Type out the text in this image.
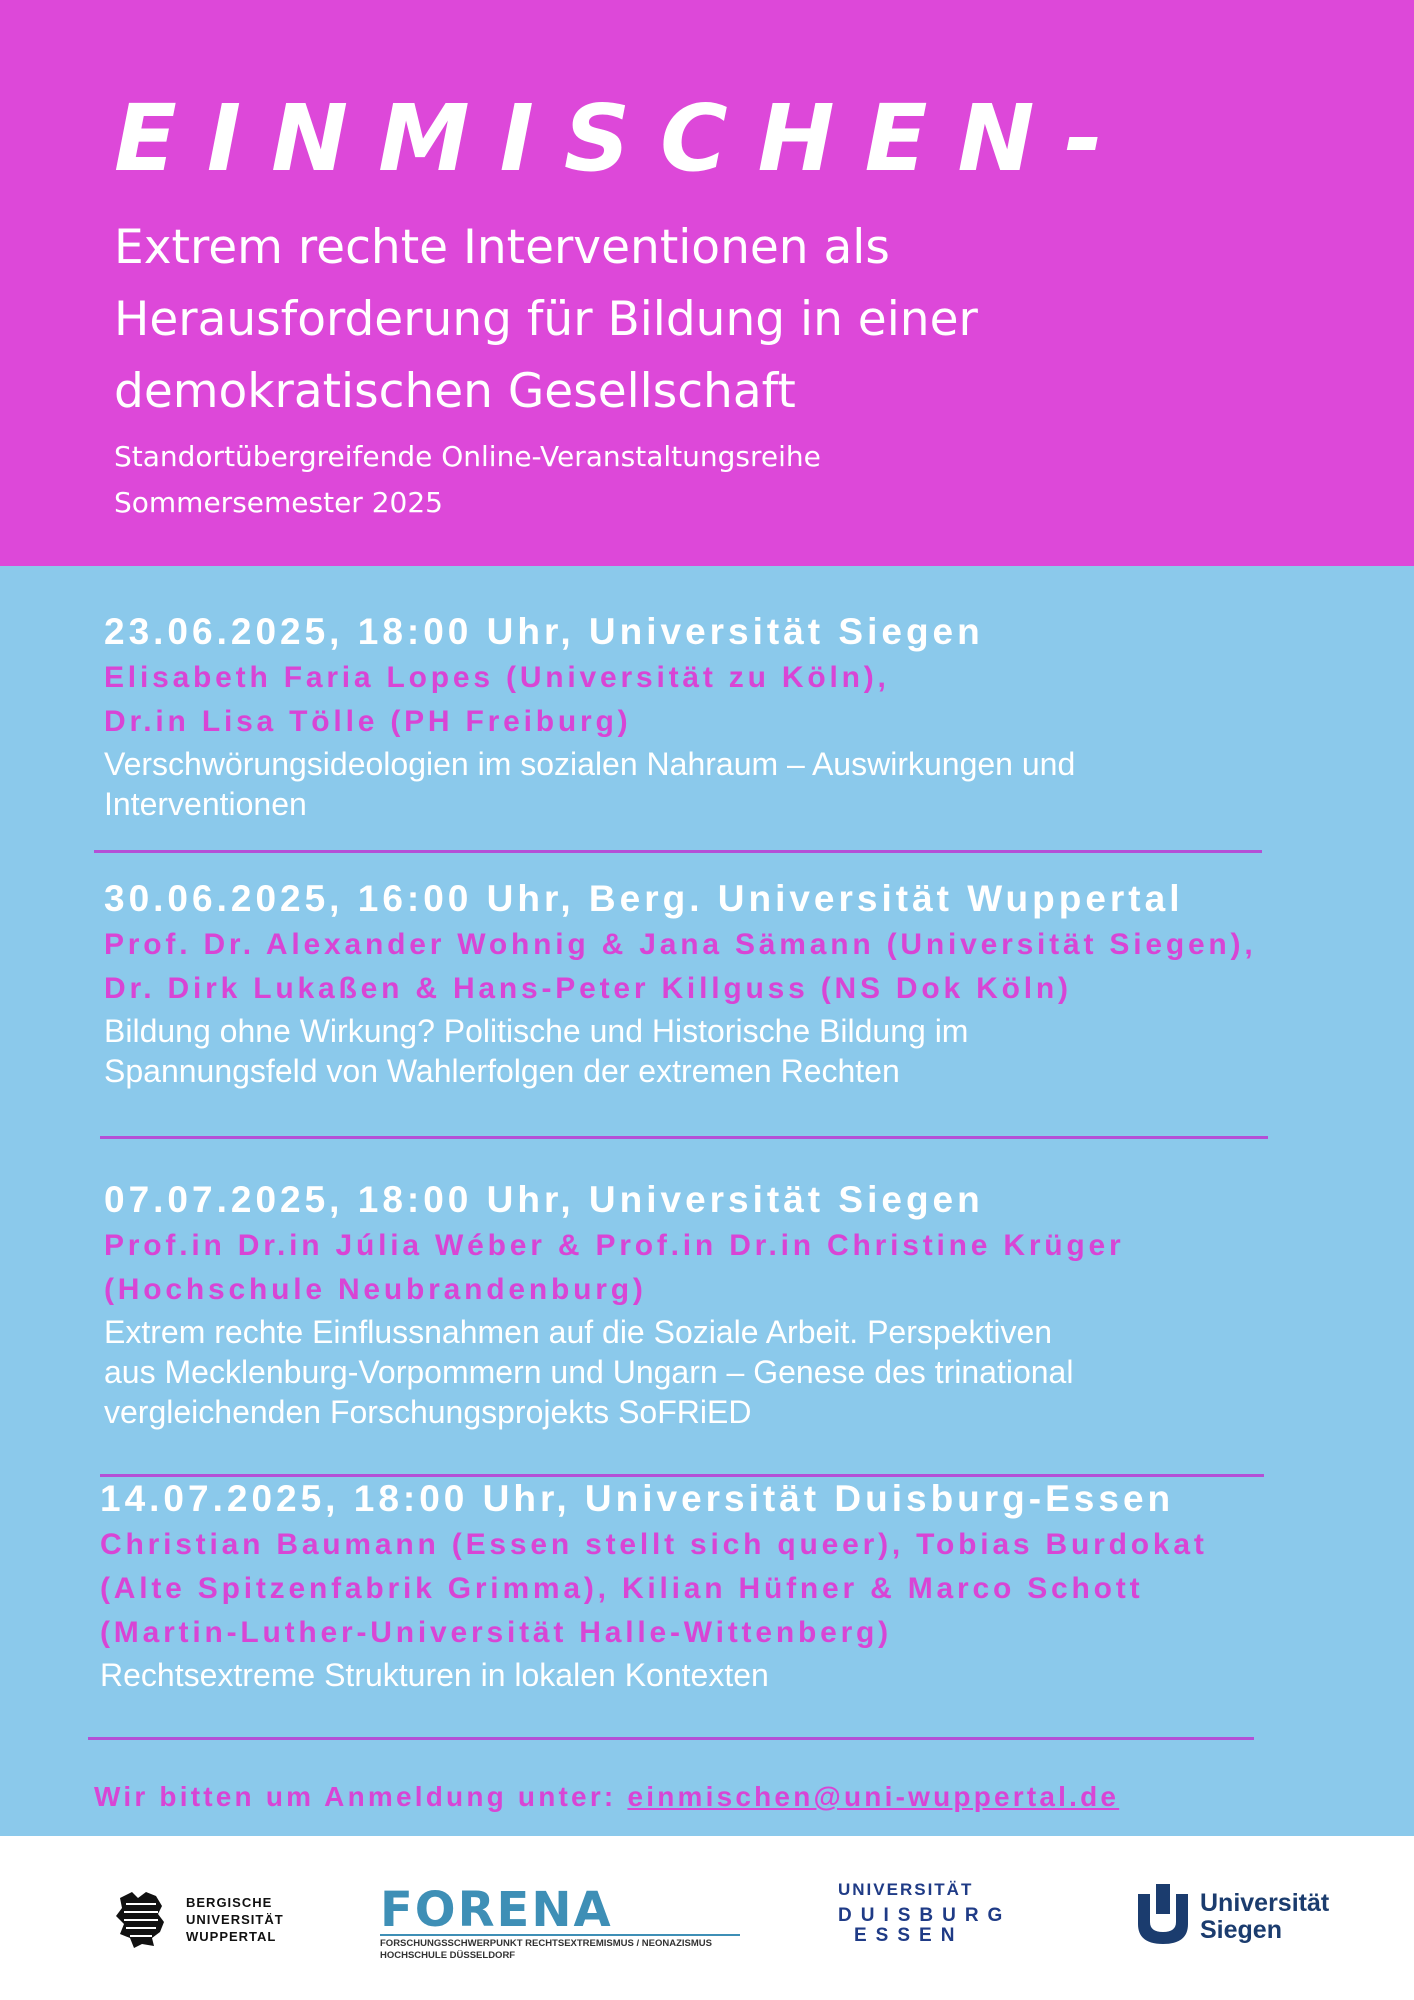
EINMISCHEN-
Extrem rechte Interventionen als
Herausforderung für Bildung in einer
demokratischen Gesellschaft
Standortübergreifende Online-Veranstaltungsreihe
Sommersemester 2025
23.06.2025, 18:00 Uhr, Universität Siegen
Elisabeth Faria Lopes (Universität zu Köln),
Dr.in Lisa Tölle (PH Freiburg)
Verschwörungsideologien im sozialen Nahraum – Auswirkungen und
Interventionen
30.06.2025, 16:00 Uhr, Berg. Universität Wuppertal
Prof. Dr. Alexander Wohnig & Jana Sämann (Universität Siegen),
Dr. Dirk Lukaßen & Hans-Peter Killguss (NS Dok Köln)
Bildung ohne Wirkung? Politische und Historische Bildung im
Spannungsfeld von Wahlerfolgen der extremen Rechten
07.07.2025, 18:00 Uhr, Universität Siegen
Prof.in Dr.in Júlia Wéber & Prof.in Dr.in Christine Krüger
(Hochschule Neubrandenburg)
Extrem rechte Einflussnahmen auf die Soziale Arbeit. Perspektiven
aus Mecklenburg-Vorpommern und Ungarn – Genese des trinational
vergleichenden Forschungsprojekts SoFRiED
14.07.2025, 18:00 Uhr, Universität Duisburg-Essen
Christian Baumann (Essen stellt sich queer), Tobias Burdokat
(Alte Spitzenfabrik Grimma), Kilian Hüfner & Marco Schott
(Martin-Luther-Universität Halle-Wittenberg)
Rechtsextreme Strukturen in lokalen Kontexten
Wir bitten um Anmeldung unter: einmischen@uni-wuppertal.de
BERGISCHE
UNIVERSITÄT
WUPPERTAL FORENA
FORSCHUNGSSCHWERPUNKT RECHTSEXTREMISMUS / NEONAZISMUS
HOCHSCHULE DÜSSELDORF
UNIVERSITÄT
DUISBURG
ESSEN
Universität
Siegen
